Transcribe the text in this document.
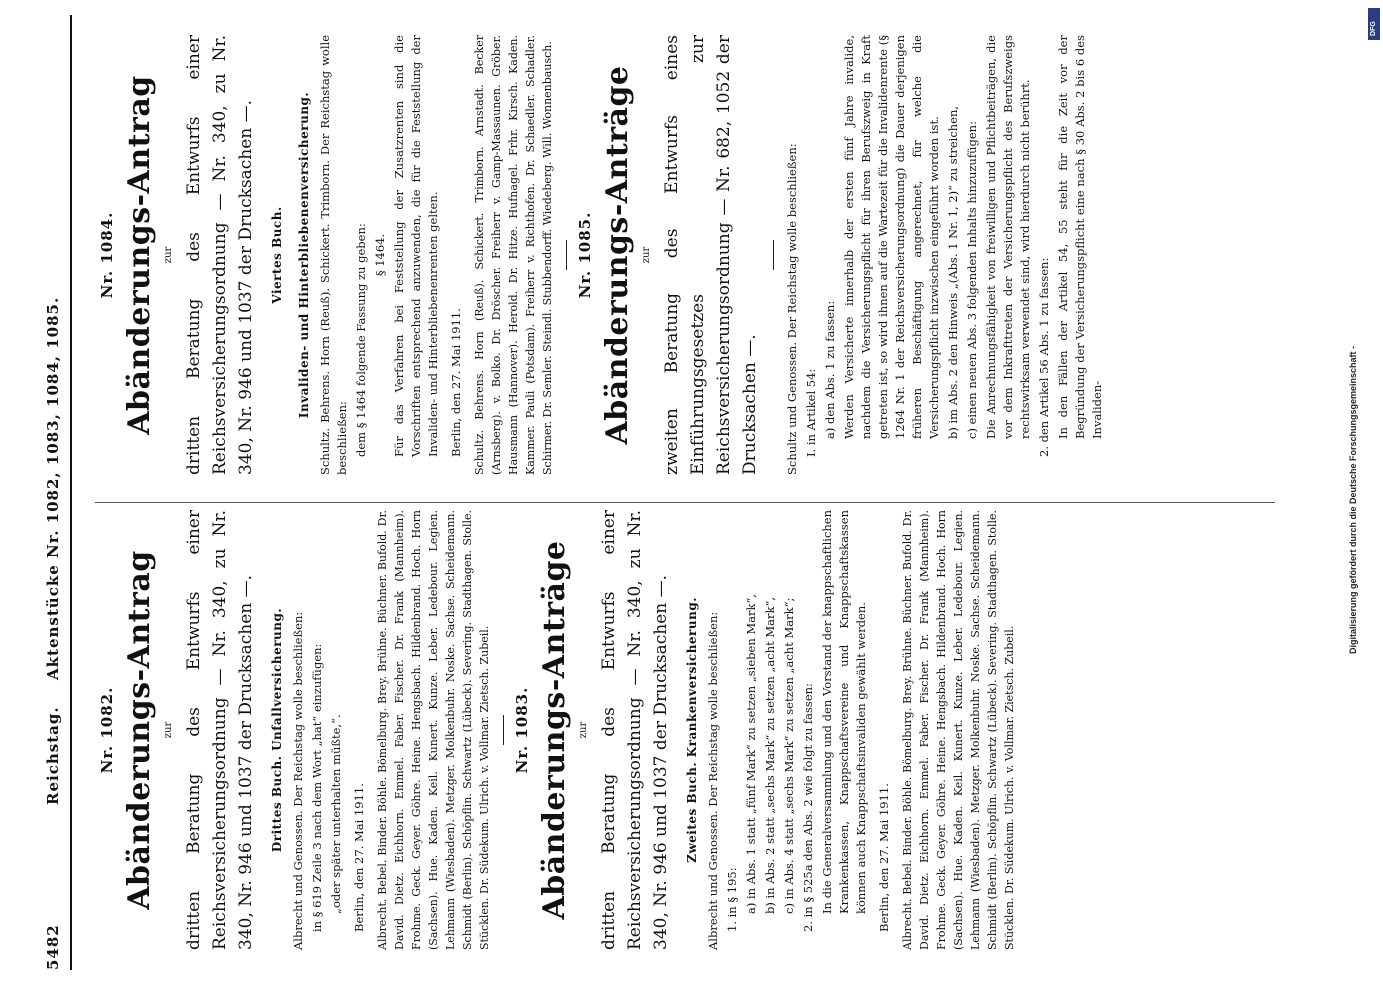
5482
Reichstag.
Aktenstücke Nr. 1082, 1083, 1084, 1085.
Nr. 1082. Abänderungs-Antrag zur dritten Beratung des Entwurfs einer Reichsversicherungsordnung — Nr. 340, zu Nr. 340, Nr. 946 und 1037 der Drucksachen —. Drittes Buch. Unfallversicherung. Albrecht und Genossen. Der Reichstag wolle beschließen: in § 619 Zeile 3 nach dem Wort „hat“ einzufügen: „oder später unterhalten müßte,“. Berlin, den 27. Mai 1911. Albrecht. Bebel. Binder. Böhle. Bömelburg. Brey. Brühne. Büchner. Bufold. Dr. David. Dietz. Eichhorn. Emmel. Faber. Fischer. Dr. Frank (Mannheim). Frohme. Geck. Geyer. Göhre. Heine. Hengsbach. Hildenbrand. Hoch. Horn (Sachsen). Hue. Kaden. Keil. Kunert. Kunze. Leber. Ledebour. Legien. Lehmann (Wiesbaden). Metzger. Molkenbuhr. Noske. Sachse. Scheidemann. Schmidt (Berlin). Schöpflin. Schwartz (Lübeck). Severing. Stadthagen. Stolle. Stücklen. Dr. Südekum. Ulrich. v. Vollmar. Zietsch. Zubeil. Nr. 1083. Abänderungs-Anträge zur dritten Beratung des Entwurfs einer Reichsversicherungsordnung — Nr. 340, zu Nr. 340, Nr. 946 und 1037 der Drucksachen —. Zweites Buch. Krankenversicherung. Albrecht und Genossen. Der Reichstag wolle beschließen: 1. in § 195: a) in Abs. 1 statt „fünf Mark“ zu setzen „sieben Mark“, b) in Abs. 2 statt „sechs Mark“ zu setzen „acht Mark“, c) in Abs. 4 statt „sechs Mark“ zu setzen „acht Mark“; 2. in § 525a den Abs. 2 wie folgt zu fassen: In die Generalversammlung und den Vorstand der knappschaftlichen Krankenkassen, Knappschaftsvereine und Knappschaftskassen können auch Knappschaftsinvaliden gewählt werden. Berlin, den 27. Mai 1911. Albrecht. Bebel. Binder. Böhle. Bömelburg. Brey. Brühne. Büchner. Bufold. Dr. David. Dietz. Eichhorn. Emmel. Faber. Fischer. Dr. Frank (Mannheim). Frohme. Geck. Geyer. Göhre. Heine. Hengsbach. Hildenbrand. Hoch. Horn (Sachsen). Hue. Kaden. Keil. Kunert. Kunze. Leber. Ledebour. Legien. Lehmann (Wiesbaden). Metzger. Molkenbuhr. Noske. Sachse. Scheidemann. Schmidt (Berlin). Schöpflin. Schwartz (Lübeck). Severing. Stadthagen. Stolle. Stücklen. Dr. Südekum. Ulrich. v. Vollmar. Zietsch. Zubeil.

Nr. 1084. Abänderungs-Antrag zur dritten Beratung des Entwurfs einer Reichsversicherungsordnung — Nr. 340, zu Nr. 340, Nr. 946 und 1037 der Drucksachen —. Viertes Buch. Invaliden- und Hinterbliebenenversicherung. Schultz. Behrens. Horn (Reuß). Schickert. Trimborn. Der Reichstag wolle beschließen: dem § 1464 folgende Fassung zu geben: § 1464. Für das Verfahren bei Feststellung der Zusatzrenten sind die Vorschriften entsprechend anzuwenden, die für die Feststellung der Invaliden- und Hinterbliebenenrenten gelten. Berlin, den 27. Mai 1911. Schultz. Behrens. Horn (Reuß). Schickert. Trimborn. Arnstadt. Becker (Arnsberg). v. Bolko. Dr. Dröscher. Freiherr v. Gamp-Massaunen. Gröber. Hausmann (Hannover). Herold. Dr. Hitze. Hufnagel. Frhr. Kirsch. Kaden. Kammer. Pauli (Potsdam). Freiherr v. Richthofen. Dr. Schaedler. Schadler. Schirmer. Dr. Semler. Steindl. Stubbendorff. Wiedeberg. Will. Wonnenbausch. Nr. 1085. Abänderungs-Anträge zur zweiten Beratung des Entwurfs eines Einführungsgesetzes zur Reichsversicherungsordnung — Nr. 682, 1052 der Drucksachen —. Schultz und Genossen. Der Reichstag wolle beschließen: I. in Artikel 54: a) den Abs. 1 zu fassen: Werden Versicherte innerhalb der ersten fünf Jahre invalide, nachdem die Versicherungspflicht für ihren Berufszweig in Kraft getreten ist, so wird ihnen auf die Wartezeit für die Invalidenrente (§ 1264 Nr. 1 der Reichsversicherungsordnung) die Dauer derjenigen früheren Beschäftigung angerechnet, für welche die Versicherungspflicht inzwischen eingeführt worden ist. b) im Abs. 2 den Hinweis „(Abs. 1 Nr. 1, 2)“ zu streichen, c) einen neuen Abs. 3 folgenden Inhalts hinzuzufügen: Die Anrechnungsfähigkeit von freiwilligen und Pflichtbeiträgen, die vor dem Inkrafttreten der Versicherungspflicht des Berufszweigs rechtswirksam verwendet sind, wird hierdurch nicht berührt. 2. den Artikel 56 Abs. 1 zu fassen: In den Fällen der Artikel 54, 55 steht für die Zeit vor der Begründung der Versicherungspflicht eine nach § 30 Abs. 2 bis 6 des Invaliden-	Digitalisierung gefördert durch die Deutsche Forschungsgemeinschaft -
DFG
